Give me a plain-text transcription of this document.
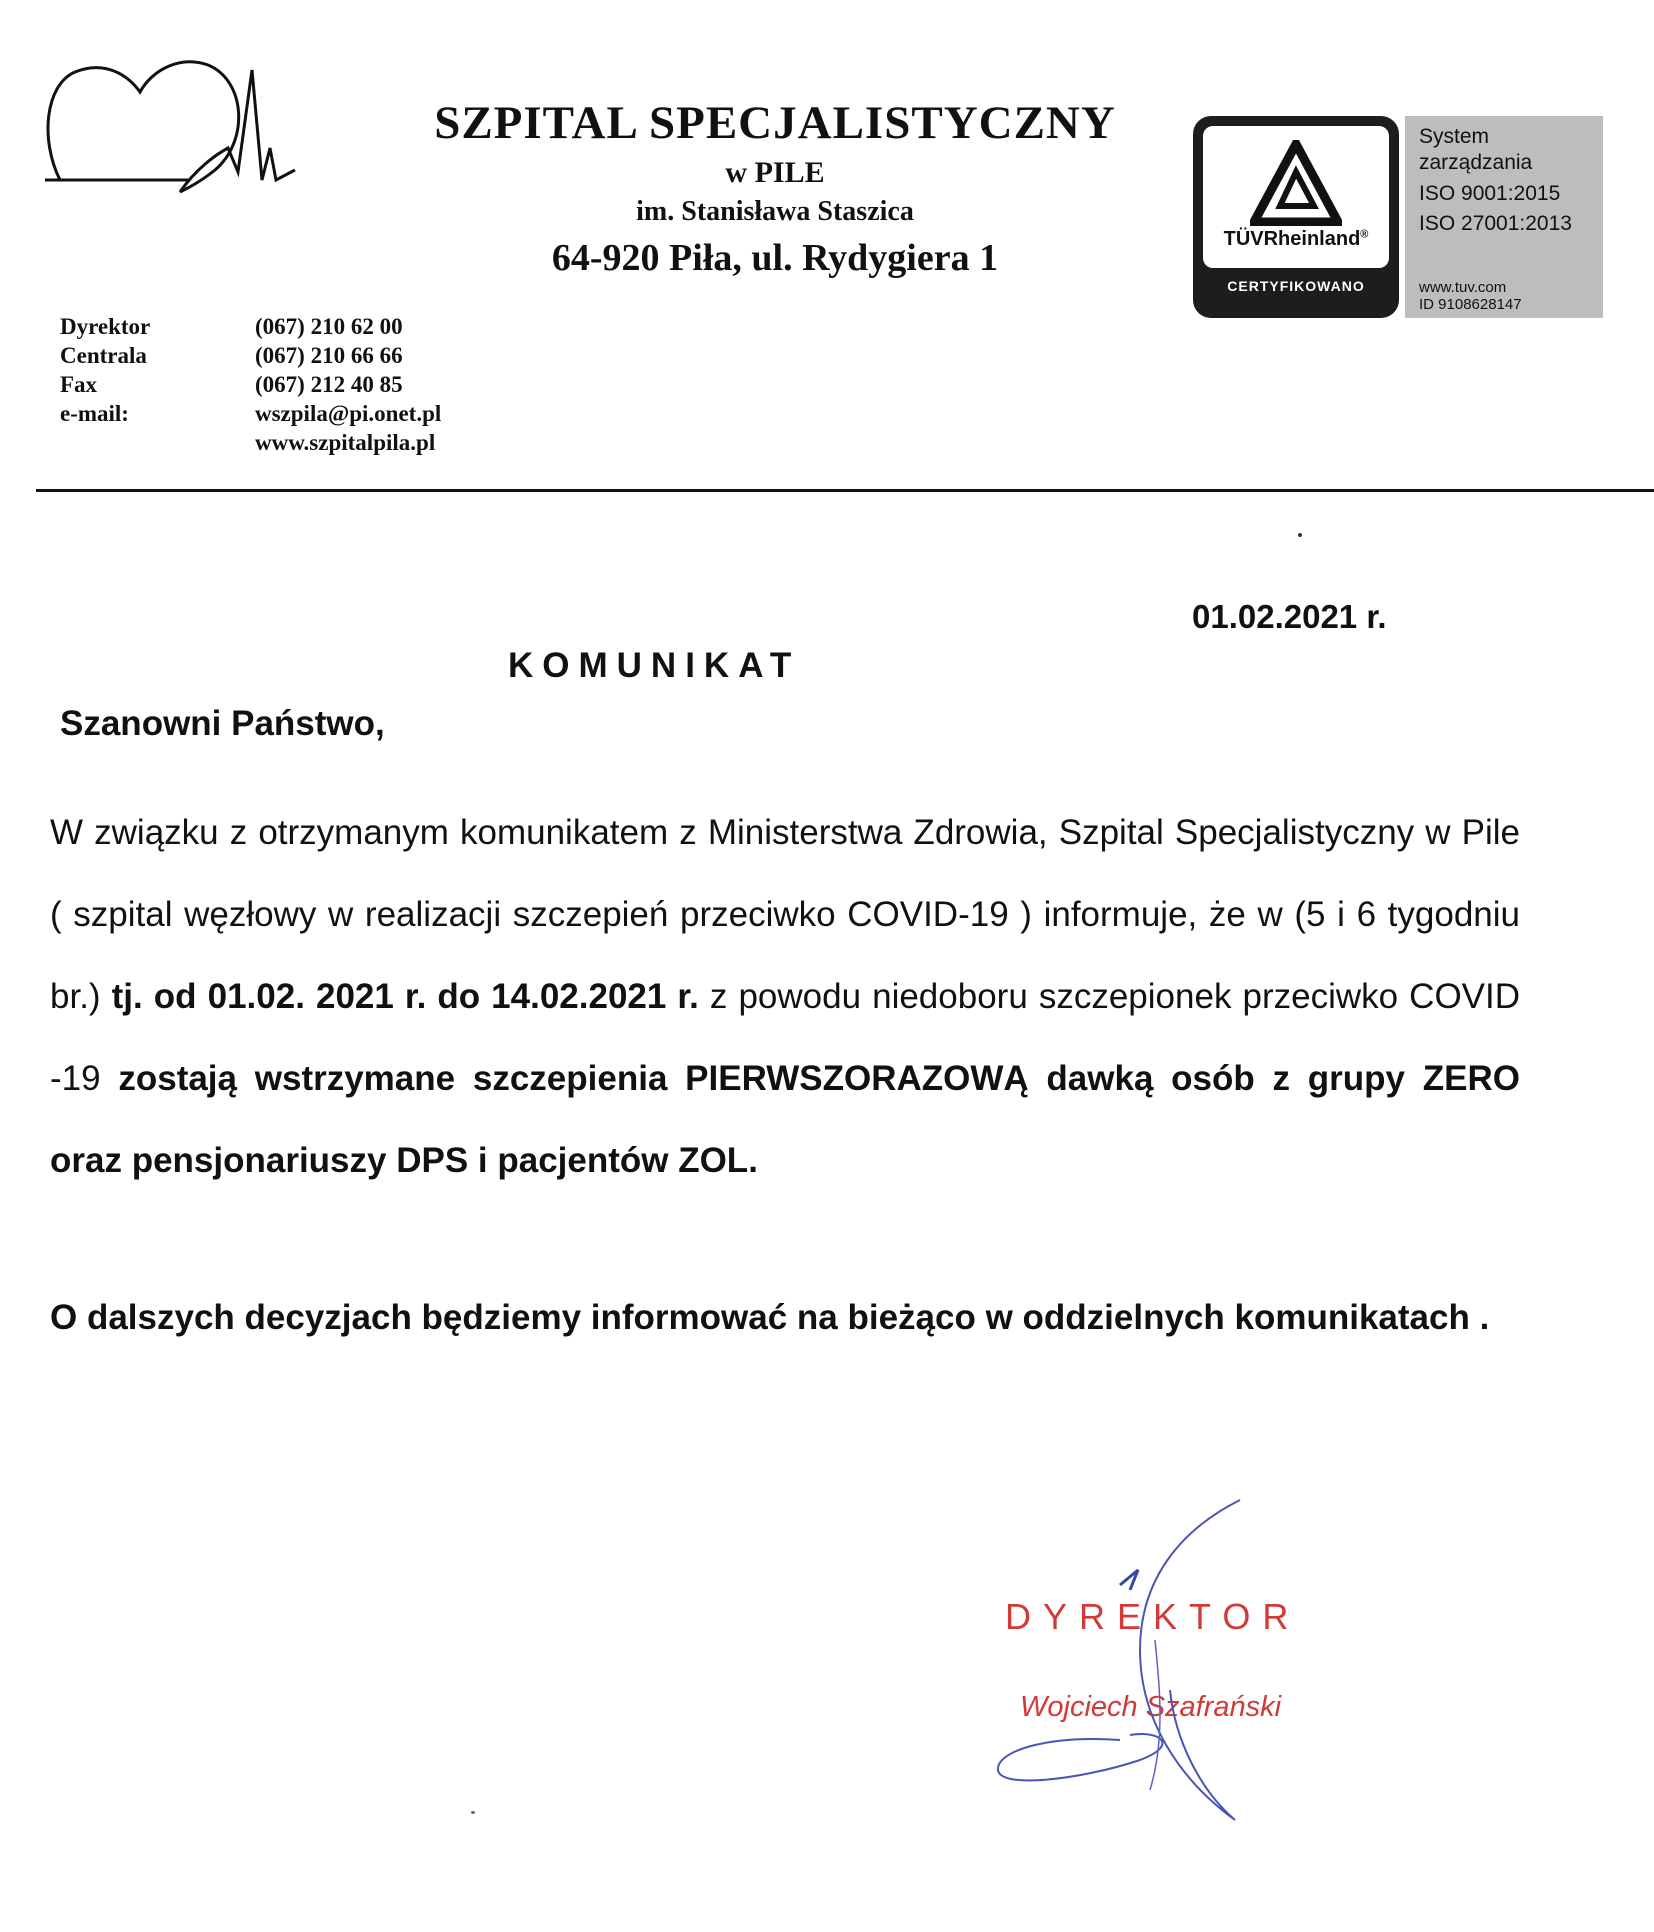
SZPITAL SPECJALISTYCZNY
w PILE
im. Stanisława Staszica
64-920 Piła, ul. Rydygiera 1	TÜVRheinland®
CERTYFIKOWANO
System
zarządzania
ISO 9001:2015
ISO 27001:2013
www.tuv.com
ID 9108628147
Dyrektor	(067) 210 62 00
Centrala	(067) 210 66 66
Fax	(067) 212 40 85
e-mail:	wszpila@pi.onet.pl
www.szpitalpila.pl
01.02.2021 r.
KOMUNIKAT
Szanowni Państwo,

W związku z otrzymanym komunikatem z Ministerstwa Zdrowia, Szpital Specjalistyczny w Pile ( szpital węzłowy w realizacji szczepień przeciwko COVID-19 ) informuje, że w (5 i 6 tygodniu br.) tj. od 01.02. 2021 r. do 14.02.2021 r. z powodu niedoboru szczepionek przeciwko COVID -19 zostają wstrzymane szczepienia PIERWSZORAZOWĄ dawką osób z grupy ZERO oraz pensjonariuszy DPS i pacjentów ZOL.

O dalszych decyzjach będziemy informować na bieżąco w oddzielnych komunikatach .
DYREKTOR
Wojciech Szafrański
